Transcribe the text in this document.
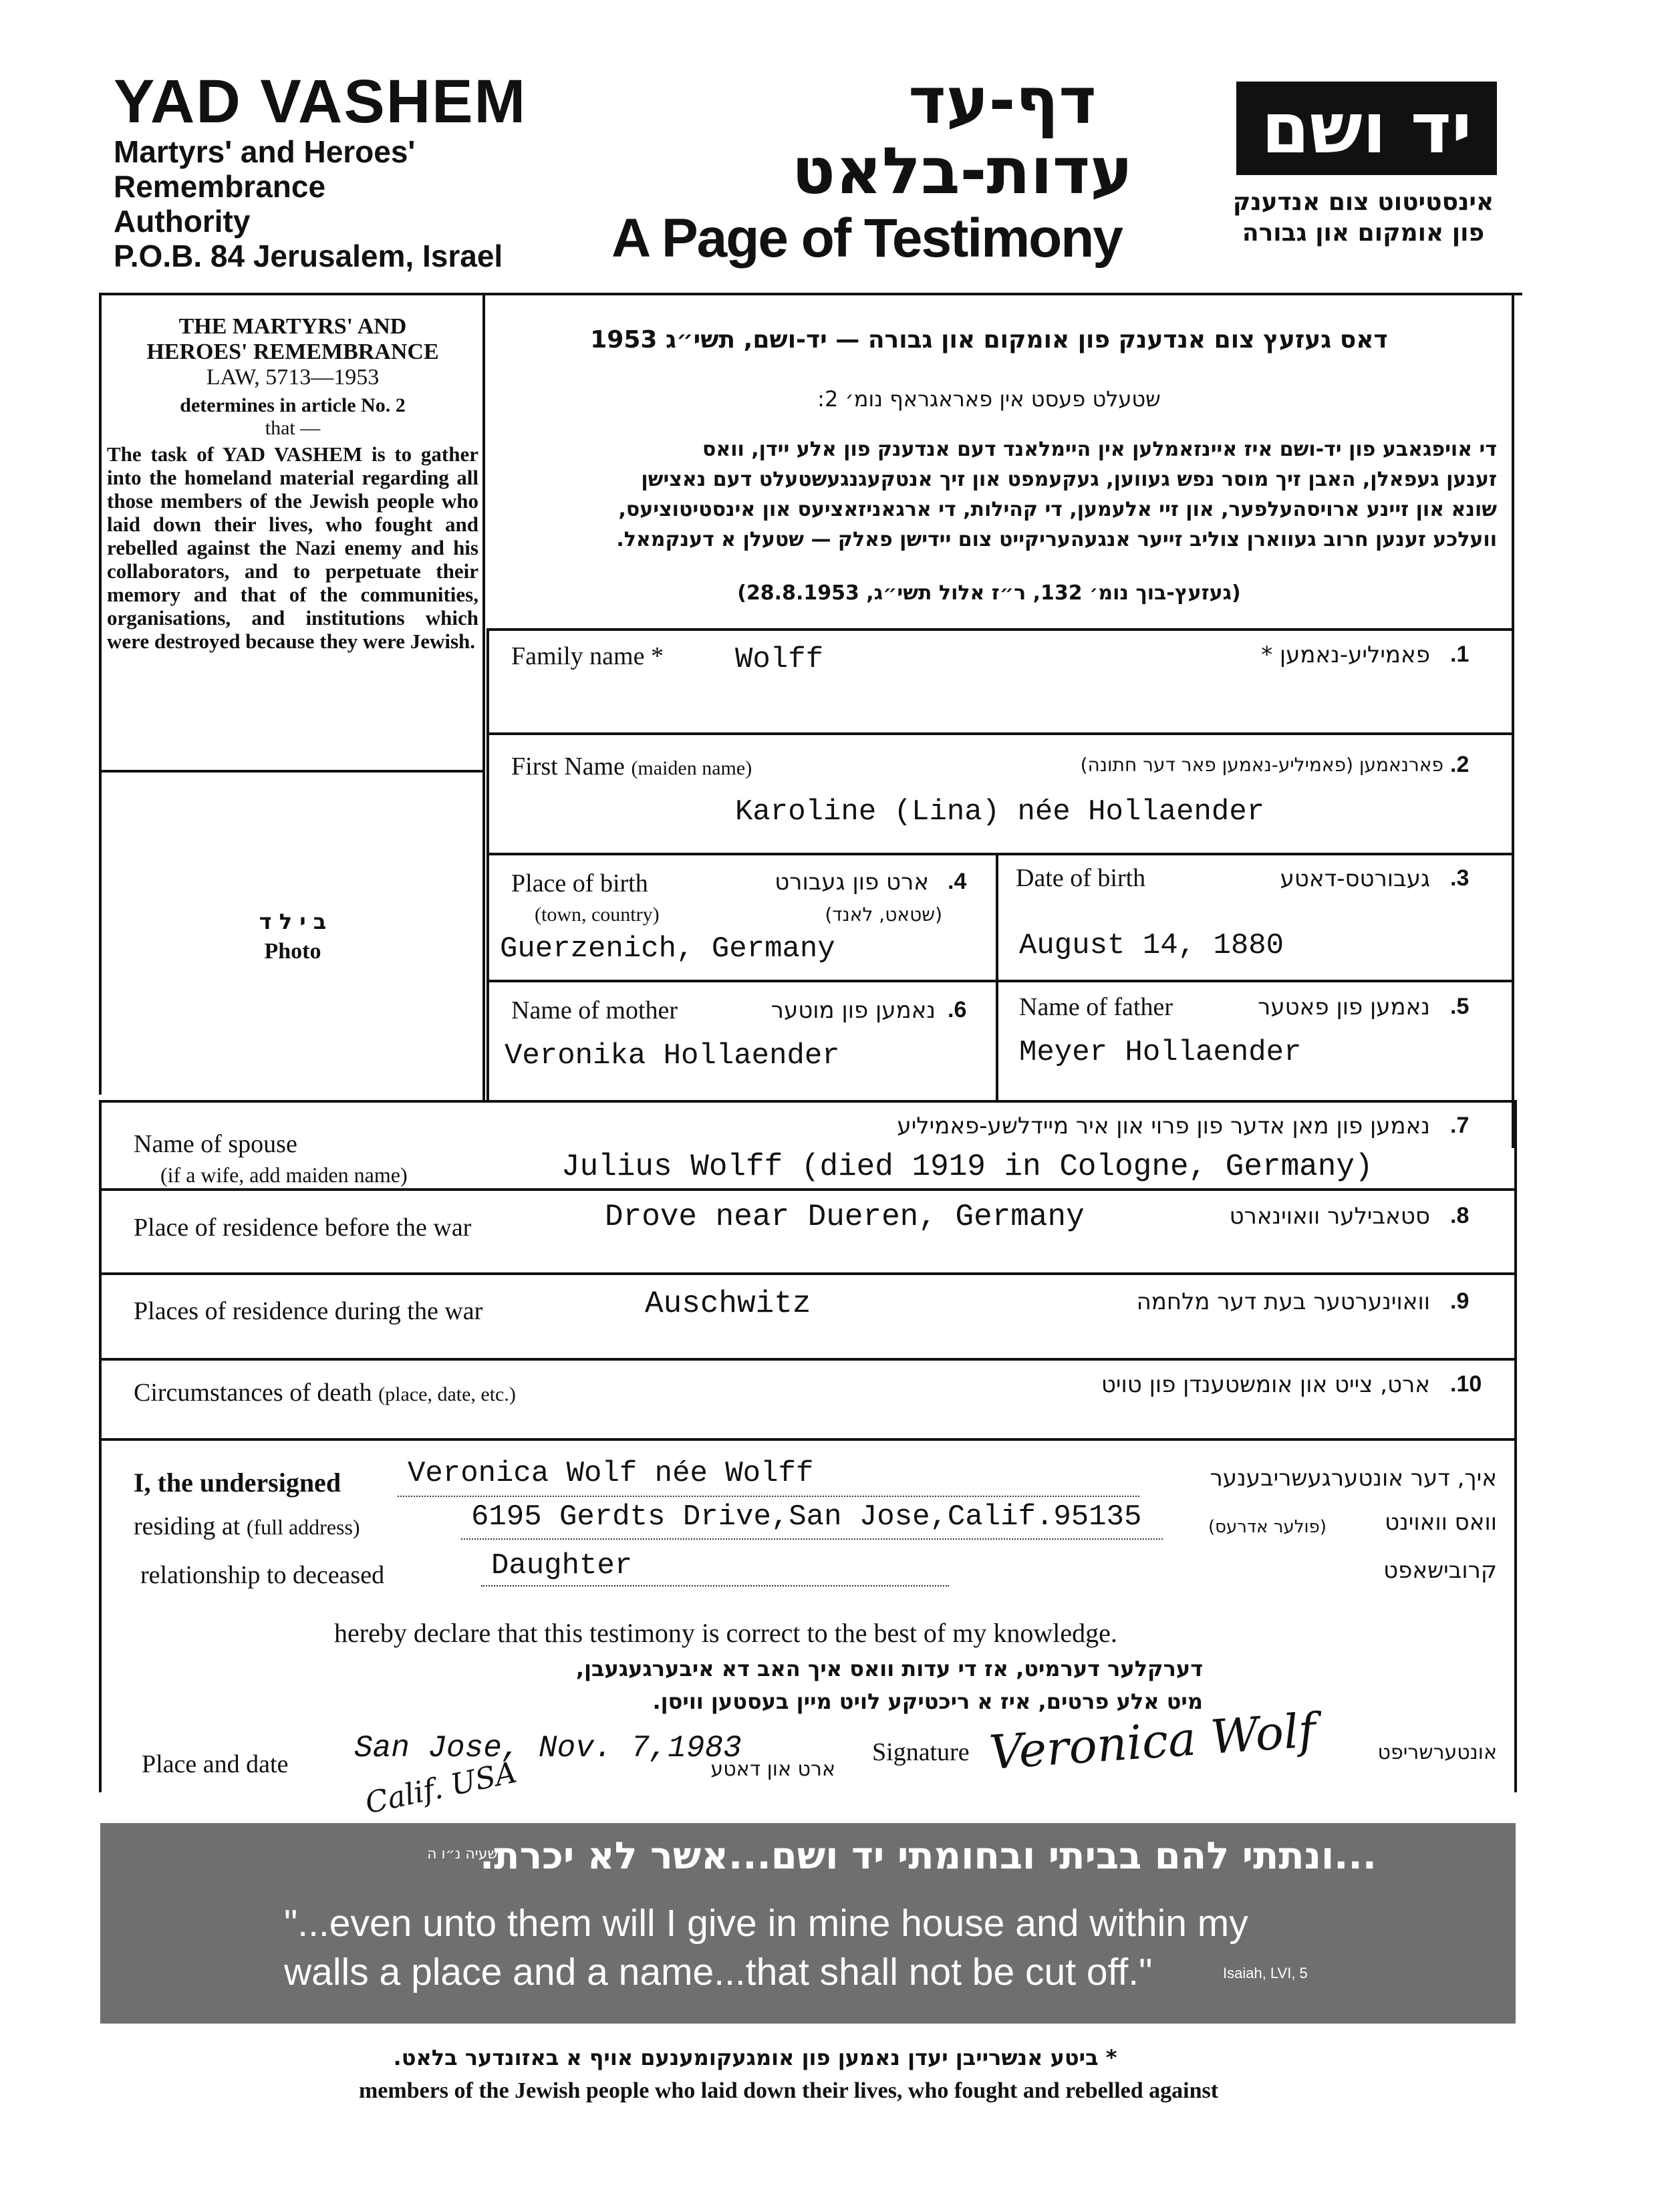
YAD VASHEM
Martyrs' and Heroes'
Remembrance
Authority
P.O.B. 84 Jerusalem, Israel
דף-עד
עדות-בלאט
A Page of Testimony
יד ושם
אינסטיטוט צום אנדענק
פון אומקום און גבורה
THE MARTYRS' AND
HEROES' REMEMBRANCE
LAW, 5713—1953
determines in article No. 2
that —
The task of YAD VASHEM is to gather into the homeland material regarding all those members of the Jewish people who laid down their lives, who fought and rebelled against the Nazi enemy and his collaborators, and to perpetuate their memory and that of the communities, organisations, and institutions which were destroyed because they were Jewish.
ב י ל ד
Photo
דאס געזעץ צום אנדענק פון אומקום און גבורה — יד-ושם, תשי״ג 1953
שטעלט פעסט אין פאראגראף נומ׳ 2:
די אויפגאבע פון יד-ושם איז איינזאמלען אין היימלאנד דעם אנדענק פון אלע יידן, וואס
זענען געפאלן, האבן זיך מוסר נפש געווען, געקעמפט און זיך אנטקעגנגעשטעלט דעם נאצישן
שונא און זיינע ארויסהעלפער, און זיי אלעמען, די קהילות, די ארגאניזאציעס און אינסטיטוציעס,
וועלכע זענען חרוב געווארן צוליב זייער אנגעהעריקייט צום יידישן פאלק — שטעלן א דענקמאל.
(געזעץ-בוך נומ׳ 132, ר״ז אלול תשי״ג, 28.8.1953)
Family name * Wolff	פאמיליע-נאמען * .1
First Name (maiden name)	פארנאמען (פאמיליע-נאמען פאר דער חתונה) .2
Karoline (Lina) née Hollaender
Place of birth	ארט פון געבורט .4
(town, country)	(שטאט, לאנד)
Guerzenich, Germany
Date of birth	געבורטס-דאטע .3
August 14, 1880
Name of mother	נאמען פון מוטער .6
Veronika Hollaender
Name of father	נאמען פון פאטער .5
Meyer Hollaender
Name of spouse
(if a wife, add maiden name)
נאמען פון מאן אדער פון פרוי און איר מיידלשע-פאמיליע .7
Julius Wolff (died 1919 in Cologne, Germany)
Place of residence before the war	Drove near Dueren, Germany	סטאבילער וואוינארט .8
Places of residence during the war	Auschwitz	וואוינערטער בעת דער מלחמה .9
Circumstances of death (place, date, etc.)	ארט, צייט און אומשטענדן פון טויט .10
I, the undersigned Veronica Wolf née Wolff	איך, דער אונטערגעשריבענער
residing at (full address)	6195 Gerdts Drive,San Jose,Calif.95135	(פולער אדרעס)	וואס וואוינט
relationship to deceased	Daughter	קרובישאפט
hereby declare that this testimony is correct to the best of my knowledge.
דערקלער דערמיט, אז די עדות וואס איך האב דא איבערגעגעבן,
מיט אלע פרטים, איז א ריכטיקע לויט מיין בעסטען וויסן.
Place and date San Jose, Nov. 7,1983
Calif. USA	ארט און דאטע
Signature Veronica Wolf	אונטערשריפט
...ונתתי להם בביתי ובחומתי יד ושם...אשר לא יכרת.
ישעיה נ״ו ה
"...even unto them will I give in mine house and within my
walls a place and a name...that shall not be cut off."	Isaiah, LVI, 5
* ביטע אנשרייבן יעדן נאמען פון אומגעקומענעם אויף א באזונדער בלאט.
members of the Jewish people who laid down their lives, who fought and rebelled against
